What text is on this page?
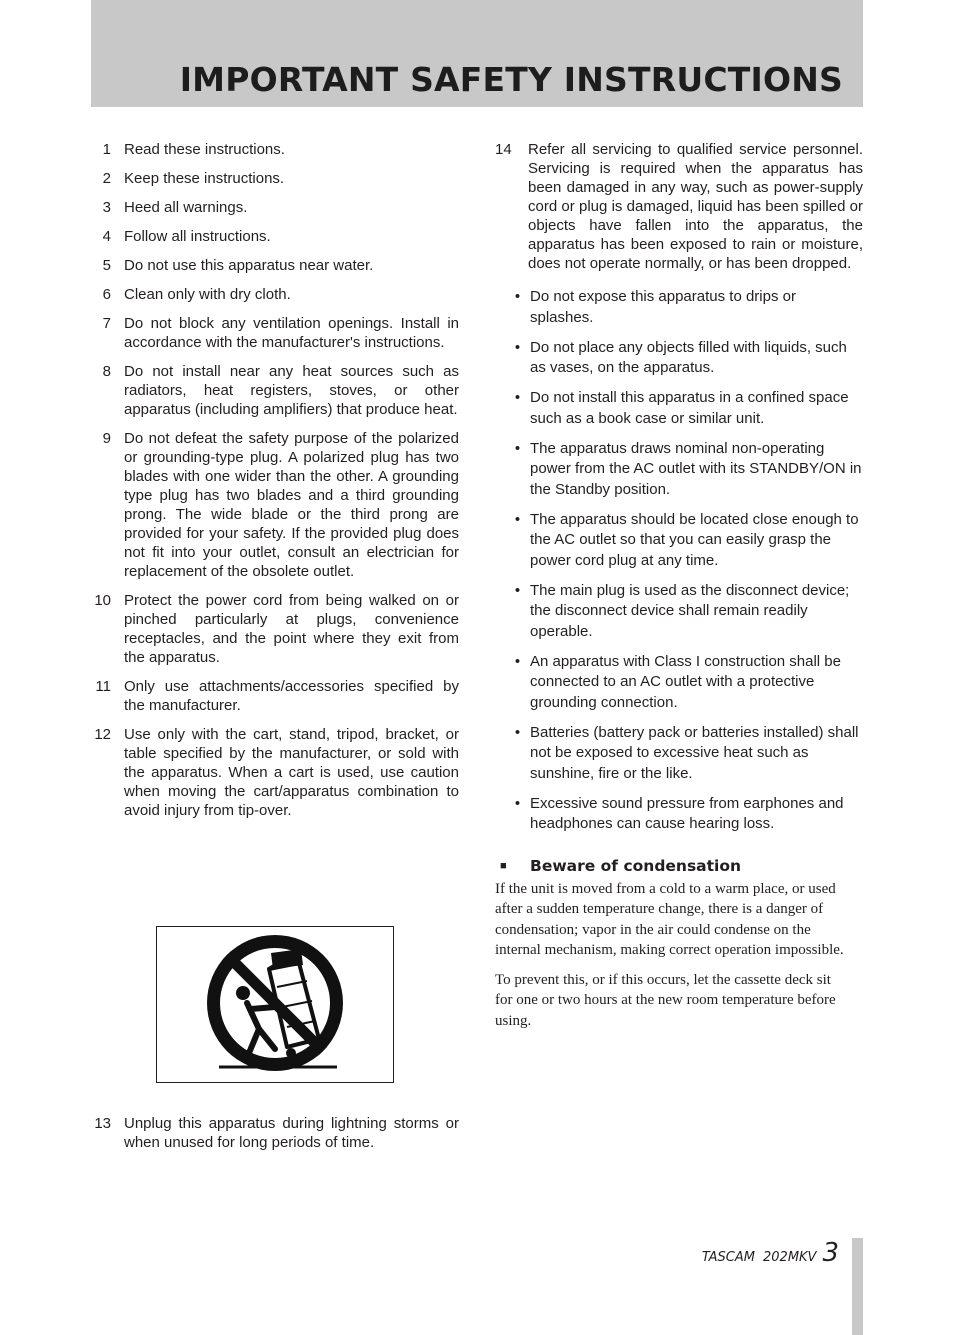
IMPORTANT SAFETY INSTRUCTIONS
1 Read these instructions.
2 Keep these instructions.
3 Heed all warnings.
4 Follow all instructions.
5 Do not use this apparatus near water.
6 Clean only with dry cloth.
7 Do not block any ventilation openings. Install in accordance with the manufacturer's instructions.
8 Do not install near any heat sources such as radiators, heat registers, stoves, or other apparatus (including amplifiers) that produce heat.
9 Do not defeat the safety purpose of the polarized or grounding-type plug. A polarized plug has two blades with one wider than the other. A grounding type plug has two blades and a third grounding prong. The wide blade or the third prong are provided for your safety. If the provided plug does not fit into your outlet, consult an electrician for replacement of the obsolete outlet.
10 Protect the power cord from being walked on or pinched particularly at plugs, convenience receptacles, and the point where they exit from the apparatus.
11 Only use attachments/accessories specified by the manufacturer.
12 Use only with the cart, stand, tripod, bracket, or table specified by the manufacturer, or sold with the apparatus. When a cart is used, use caution when moving the cart/apparatus combination to avoid injury from tip-over.
13 Unplug this apparatus during lightning storms or when unused for long periods of time.
14	Refer all servicing to qualified service personnel. Servicing is required when the apparatus has been damaged in any way, such as power-supply cord or plug is damaged, liquid has been spilled or objects have fallen into the apparatus, the apparatus has been exposed to rain or moisture, does not operate normally, or has been dropped.
• Do not expose this apparatus to drips or splashes.
• Do not place any objects filled with liquids, such as vases, on the apparatus.
• Do not install this apparatus in a confined space such as a book case or similar unit.
• The apparatus draws nominal non-operating power from the AC outlet with its STANDBY/ON in the Standby position.
• The apparatus should be located close enough to the AC outlet so that you can easily grasp the power cord plug at any time.
• The main plug is used as the disconnect device; the disconnect device shall remain readily operable.
• An apparatus with Class I construction shall be connected to an AC outlet with a protective grounding connection.
• Batteries (battery pack or batteries installed) shall not be exposed to excessive heat such as sunshine, fire or the like.
• Excessive sound pressure from earphones and headphones can cause hearing loss.
■	Beware of condensation

If the unit is moved from a cold to a warm place, or used after a sudden temperature change, there is a danger of condensation; vapor in the air could condense on the internal mechanism, making correct operation impossible.

To prevent this, or if this occurs, let the cassette deck sit for one or two hours at the new room temperature before using.

TASCAM 202MKV 3
